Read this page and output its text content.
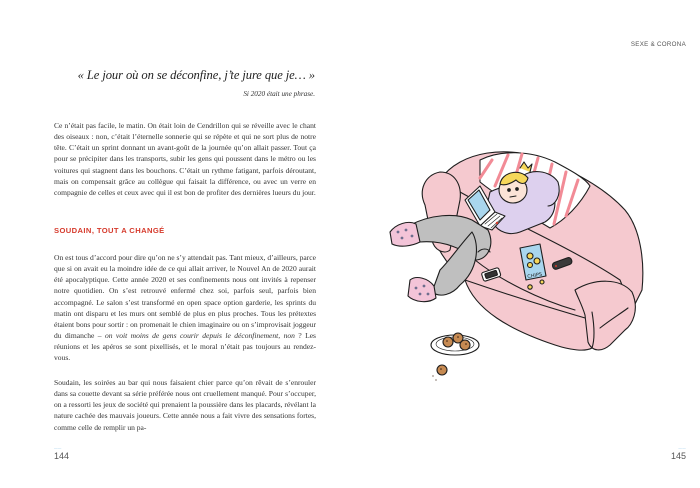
« Le jour où on se déconfine, j’te jure que je… »
Si 2020 était une phrase.

Ce n’était pas facile, le matin. On était loin de Cendrillon qui se réveille avec le chant des oiseaux : non, c’était l’éternelle sonnerie qui se répète et qui ne sort plus de notre tête. C’était un sprint donnant un avant-goût de la journée qu’on allait passer. Tout ça pour se précipiter dans les transports, subir les gens qui poussent dans le métro ou les voitures qui stagnent dans les bouchons. C’était un rythme fatigant, parfois déroutant, mais on compensait grâce au collègue qui faisait la différence, ou avec un verre en compagnie de celles et ceux avec qui il est bon de profiter des dernières lueurs du jour.

SOUDAIN, TOUT A CHANGÉ

On est tous d’accord pour dire qu’on ne s’y attendait pas. Tant mieux, d’ailleurs, parce que si on avait eu la moindre idée de ce qui allait arriver, le Nouvel An de 2020 aurait été apocalyptique. Cette année 2020 et ses confinements nous ont invités à repenser notre quotidien. On s’est retrouvé enfermé chez soi, parfois seul, parfois bien accompagné. Le salon s’est transformé en open space option garderie, les sprints du matin ont disparu et les murs ont semblé de plus en plus proches. Tous les prétextes étaient bons pour sortir : on promenait le chien imaginaire ou on s’improvisait joggeur du dimanche – on voit moins de gens courir depuis le déconfinement, non ? Les réunions et les apéros se sont pixellisés, et le moral n’était pas toujours au rendez-vous.

Soudain, les soirées au bar qui nous faisaient chier parce qu’on rêvait de s’enrouler dans sa couette devant sa série préférée nous ont cruellement manqué. Pour s’occuper, on a ressorti les jeux de société qui prenaient la poussière dans les placards, révélant la nature cachée des mauvais joueurs. Cette année nous a fait vivre des sensations fortes, comme celle de remplir un pa-

——
144
SEXE & CORONA
CHIPS
——
145
